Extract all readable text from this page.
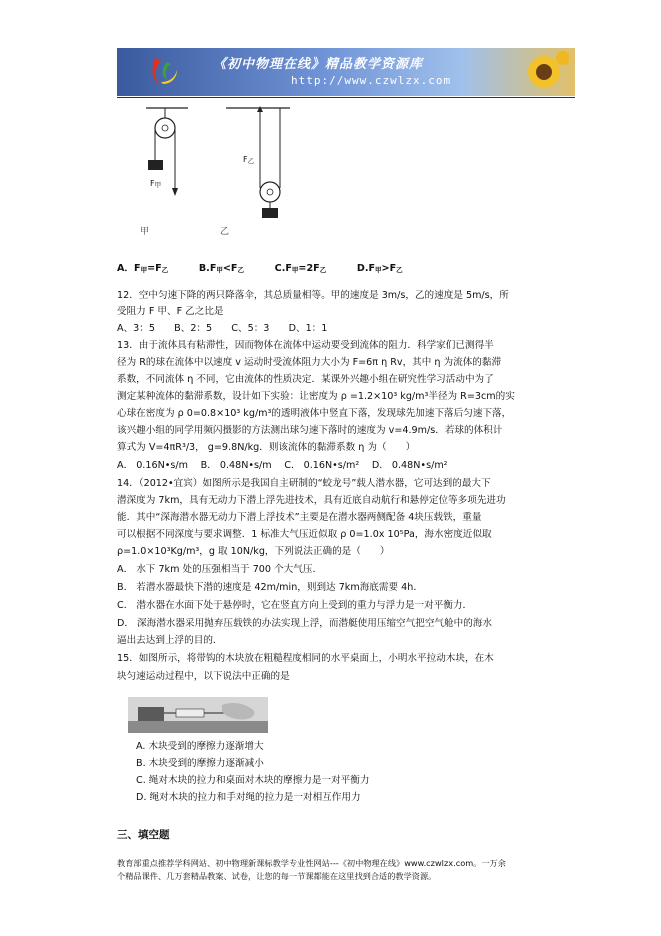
《初中物理在线》精品教学资源库
http://www.czwlzx.com
F甲
F乙
甲	乙
A．F甲=F乙	B.F甲<F乙	C.F甲=2F乙	D.F甲>F乙
12．空中匀速下降的两只降落伞，其总质量相等。甲的速度是 3m/s，乙的速度是 5m/s，所
受阻力 F 甲、F 乙之比是
A、3：5　　B、2：5　　C、5：3　　D、1：1
13．由于流体具有粘滞性，因而物体在流体中运动要受到流体的阻力．科学家们已测得半
径为 R的球在流体中以速度 v 运动时受流体阻力大小为 F=6π η Rv，其中 η 为流体的黏滞
系数，不同流体 η 不同，它由流体的性质决定．某课外兴趣小组在研究性学习活动中为了
测定某种流体的黏滞系数，设计如下实验：让密度为 ρ =1.2×10³ kg/m³半径为 R=3cm的实
心球在密度为 ρ 0=0.8×10³ kg/m³的透明液体中竖直下落，发现球先加速下落后匀速下落，
该兴趣小组的同学用频闪摄影的方法测出球匀速下落时的速度为 v=4.9m/s．若球的体积计
算式为 V=4πR³/3， g=9.8N/kg．则该流体的黏滞系数 η 为（　　）
A． 0.16N•s/m　 B． 0.48N•s/m　 C． 0.16N•s/m²　 D． 0.48N•s/m²
14．（2012•宜宾）如图所示是我国自主研制的“蛟龙号”载人潜水器，它可达到的最大下
潜深度为 7km，具有无动力下潜上浮先进技术，具有近底自动航行和悬停定位等多项先进功
能．其中“深海潜水器无动力下潜上浮技术”主要是在潜水器两侧配备 4块压载铁，重量
可以根据不同深度与要求调整．1 标准大气压近似取 ρ 0=1.0x 10⁵Pa，海水密度近似取
ρ=1.0×10³Kg/m³，g 取 10N/kg，下列说法正确的是（　　）
A． 水下 7km 处的压强相当于 700 个大气压．
B． 若潜水器最快下潜的速度是 42m/min，则到达 7km海底需要 4h．
C． 潜水器在水面下处于悬停时，它在竖直方向上受到的重力与浮力是一对平衡力．
D． 深海潜水器采用抛弃压载铁的办法实现上浮，而潜艇使用压缩空气把空气舱中的海水
逼出去达到上浮的目的．
15．如图所示，将带钩的木块放在粗糙程度相同的水平桌面上，小明水平拉动木块，在木
块匀速运动过程中，以下说法中正确的是
A. 木块受到的摩擦力逐渐增大
B. 木块受到的摩擦力逐渐减小
C. 绳对木块的拉力和桌面对木块的摩擦力是一对平衡力
D. 绳对木块的拉力和手对绳的拉力是一对相互作用力
三、填空题
教育部重点推荐学科网站、初中物理新课标教学专业性网站---《初中物理在线》www.czwlzx.com。一万余
个精品课件、几万套精品教案、试卷，让您的每一节课都能在这里找到合适的教学资源。
